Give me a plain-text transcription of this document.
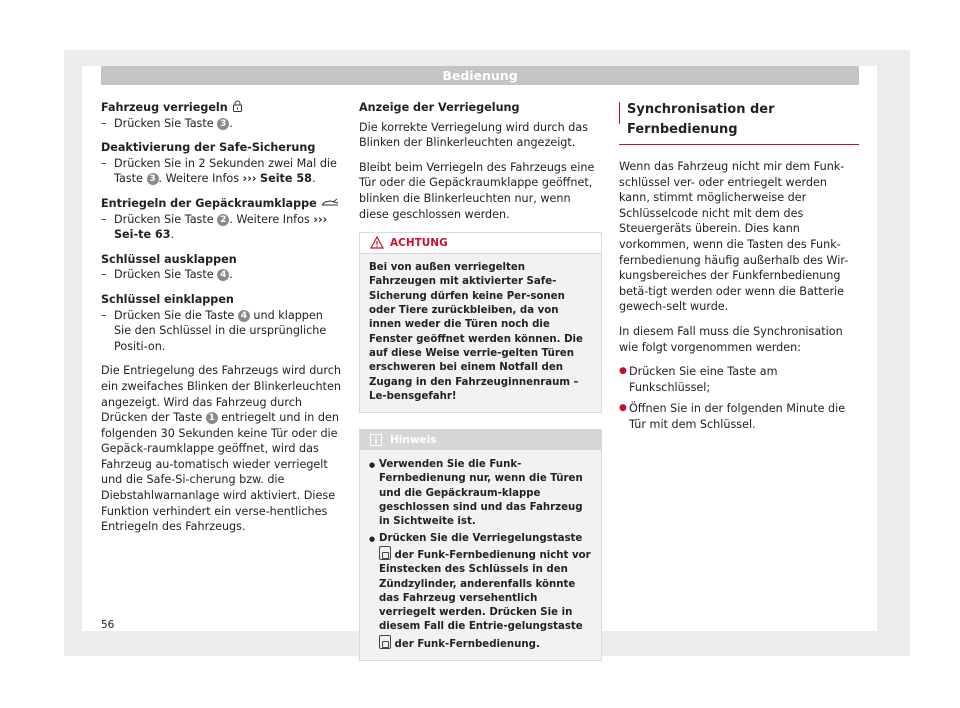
Bedienung

Fahrzeug verriegeln

– Drücken Sie Taste 3 .

Deaktivierung der Safe-Sicherung

– Drücken Sie in 2 Sekunden zwei Mal die Taste 3 . Weitere Infos ››› Seite 58.

Entriegeln der Gepäckraumklappe

– Drücken Sie Taste 2 . Weitere Infos ››› Sei-te 63.

Schlüssel ausklappen

– Drücken Sie Taste 4 .

Schlüssel einklappen

– Drücken Sie die Taste 4 und klappen Sie den Schlüssel in die ursprüngliche Positi-on.

Die Entriegelung des Fahrzeugs wird durch ein zweifaches Blinken der Blinkerleuchten angezeigt. Wird das Fahrzeug durch Drücken der Taste 1 entriegelt und in den folgenden 30 Sekunden keine Tür oder die Gepäck-raumklappe geöffnet, wird das Fahrzeug au-tomatisch wieder verriegelt und die Safe-Si-cherung bzw. die Diebstahlwarnanlage wird aktiviert. Diese Funktion verhindert ein verse-hentliches Entriegeln des Fahrzeugs.

Anzeige der Verriegelung

Die korrekte Verriegelung wird durch das Blinken der Blinkerleuchten angezeigt.

Bleibt beim Verriegeln des Fahrzeugs eine Tür oder die Gepäckraumklappe geöffnet, blinken die Blinkerleuchten nur, wenn diese geschlossen werden.

ACHTUNG
Bei von außen verriegelten Fahrzeugen mit aktivierter Safe-Sicherung dürfen keine Per-sonen oder Tiere zurückbleiben, da von innen weder die Türen noch die Fenster geöffnet werden können. Die auf diese Weise verrie-gelten Türen erschweren bei einem Notfall den Zugang in den Fahrzeuginnenraum – Le-bensgefahr!
Hinweis

● Verwenden Sie die Funk-Fernbedienung nur, wenn die Türen und die Gepäckraum-klappe geschlossen sind und das Fahrzeug in Sichtweite ist.

● Drücken Sie die Verriegelungstaste  der Funk-Fernbedienung nicht vor Einstecken des Schlüssels in den Zündzylinder, anderenfalls könnte das Fahrzeug versehentlich verriegelt werden. Drücken Sie in diesem Fall die Entrie-gelungstaste  der Funk-Fernbedienung.

Synchronisation der Fernbedienung

Wenn das Fahrzeug nicht mir dem Funk-schlüssel ver- oder entriegelt werden kann, stimmt möglicherweise der Schlüsselcode nicht mit dem des Steuergeräts überein. Dies kann vorkommen, wenn die Tasten des Funk-fernbedienung häufig außerhalb des Wir-kungsbereiches der Funkfernbedienung betä-tigt werden oder wenn die Batterie gewech-selt wurde.

In diesem Fall muss die Synchronisation wie folgt vorgenommen werden:

● Drücken Sie eine Taste am Funkschlüssel;

● Öffnen Sie in der folgenden Minute die Tür mit dem Schlüssel.

56
